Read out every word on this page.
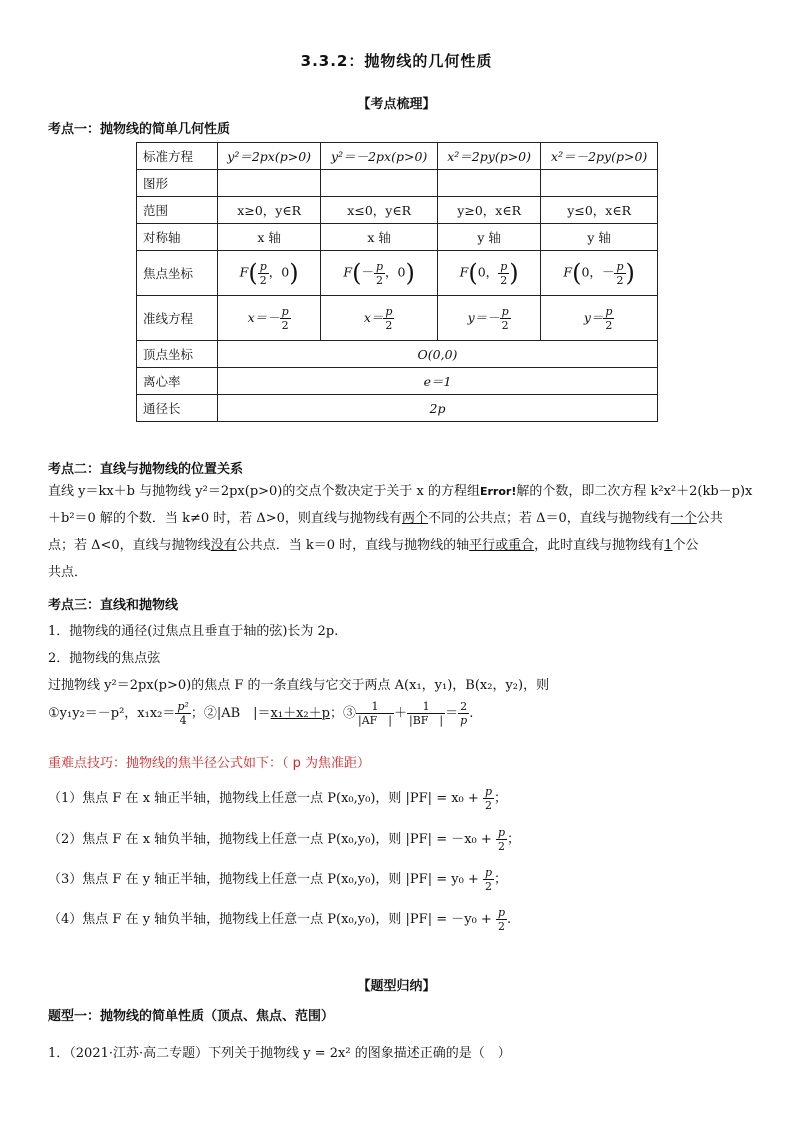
3.3.2：抛物线的几何性质
【考点梳理】
考点一：抛物线的简单几何性质
标准方程	y²＝2px(p>0)	y²＝－2px(p>0)	x²＝2py(p>0)	x²＝－2py(p>0)
图形				
范围	x≥0，y∈R	x≤0，y∈R	y≥0，x∈R	y≤0，x∈R
对称轴	x 轴	x 轴	y 轴	y 轴
焦点坐标	$F( \frac{p}{2}$ ，0)	$F(- \frac{p}{2}$ ，0)	F(0， $\frac{p}{2}$ )	F(0，－ $\frac{p}{2}$ )
准线方程	$x=- \frac{p}{2}$	$x= \frac{p}{2}$	$y=- \frac{p}{2}$	$y= \frac{p}{2}$

顶点坐标	O(0,0)			
离心率	e＝1			
通径长	2p			
考点二：直线与抛物线的位置关系
直线 y＝kx＋b 与抛物线 y²＝2px(p>0)的交点个数决定于关于 x 的方程组Error!解的个数，即二次方程 k²x²＋2(kb－p)x
＋b²＝0 解的个数．当 k≠0 时，若 Δ>0，则直线与抛物线有两个不同的公共点；若 Δ＝0，直线与抛物线有一个公共
点；若 Δ<0，直线与抛物线没有公共点．当 k＝0 时，直线与抛物线的轴平行或重合，此时直线与抛物线有1个公
共点．
考点三：直线和抛物线
1．抛物线的通径(过焦点且垂直于轴的弦)长为 2p.
2．抛物线的焦点弦
过抛物线 y²＝2px(p>0)的焦点 F 的一条直线与它交于两点 A(x₁，y₁)，B(x₂，y₂)，则
①y₁y₂＝－p²，$x_1x_2= \frac{\text{p²}}{4}$ ；②|AB　|＝x₁＋x₂＋p；③ $\frac{1}{|AF |} + \frac{1}{|BF |} = \frac{2}{p}$ .
重难点技巧：抛物线的焦半径公式如下：（ p 为焦准距）
（1）焦点 F 在 x 轴正半轴，抛物线上任意一点 P(x₀,y₀)，则 $|PF| = x_0 + \frac{p}{2}$ ；
（2）焦点 F 在 x 轴负半轴，抛物线上任意一点 P(x₀,y₀)，则 $|PF| = -x_0 + \frac{p}{2}$ ；
（3）焦点 F 在 y 轴正半轴，抛物线上任意一点 P(x₀,y₀)，则 $|PF| = y_0 + \frac{p}{2}$ ；
（4）焦点 F 在 y 轴负半轴，抛物线上任意一点 P(x₀,y₀)，则 $|PF| = -y_0 + \frac{p}{2}$ .
【题型归纳】
题型一：抛物线的简单性质（顶点、焦点、范围）
1．（2021·江苏·高二专题）下列关于抛物线 y = 2x² 的图象描述正确的是（　）
